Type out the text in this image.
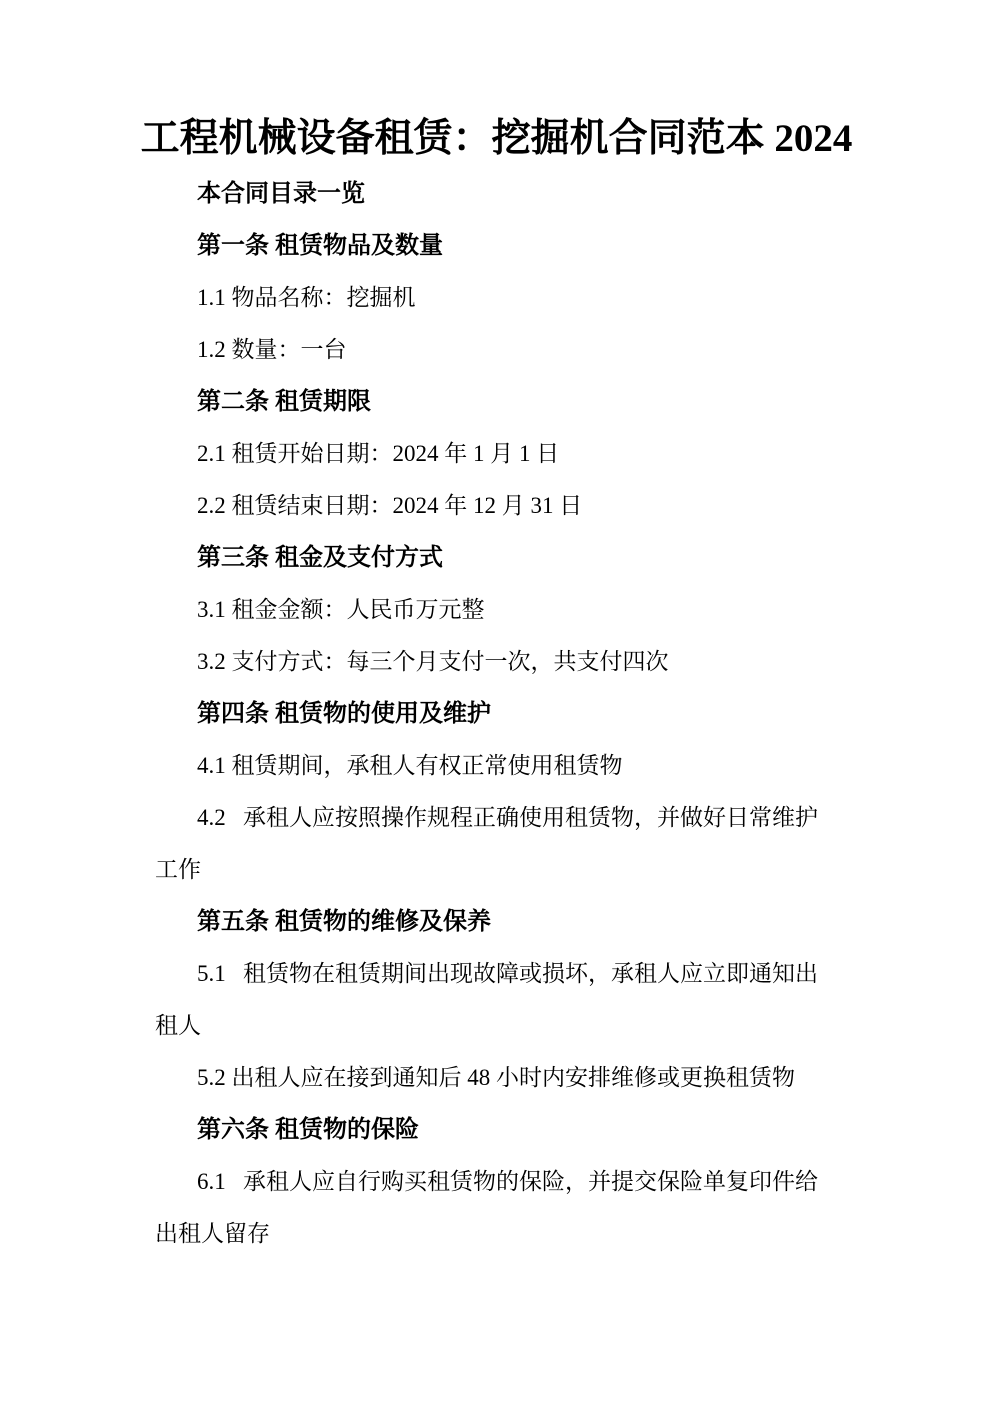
工程机械设备租赁：挖掘机合同范本 2024

本合同目录一览

第一条 租赁物品及数量

1.1 物品名称：挖掘机

1.2 数量：一台

第二条 租赁期限

2.1 租赁开始日期：2024 年 1 月 1 日

2.2 租赁结束日期：2024 年 12 月 31 日

第三条 租金及支付方式

3.1 租金金额：人民币万元整

3.2 支付方式：每三个月支付一次，共支付四次

第四条 租赁物的使用及维护

4.1 租赁期间，承租人有权正常使用租赁物

4.2   承租人应按照操作规程正确使用租赁物，并做好日常维护

工作

第五条 租赁物的维修及保养

5.1   租赁物在租赁期间出现故障或损坏，承租人应立即通知出

租人

5.2 出租人应在接到通知后 48 小时内安排维修或更换租赁物

第六条 租赁物的保险

6.1   承租人应自行购买租赁物的保险，并提交保险单复印件给

出租人留存
